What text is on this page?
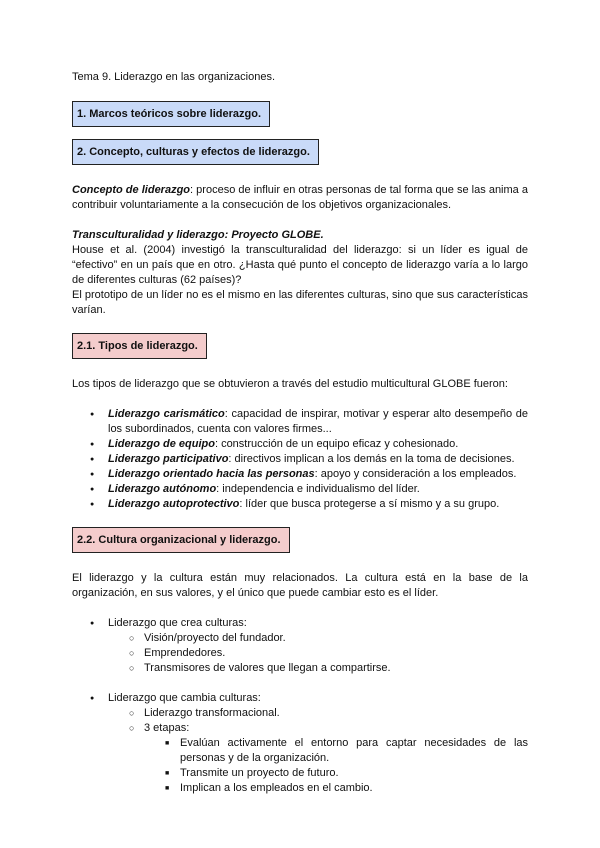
Tema 9. Liderazgo en las organizaciones.
1. Marcos teóricos sobre liderazgo.
2. Concepto, culturas y efectos de liderazgo.

Concepto de liderazgo: proceso de influir en otras personas de tal forma que se las anima a contribuir voluntariamente a la consecución de los objetivos organizacionales.

Transculturalidad y liderazgo: Proyecto GLOBE.

House et al. (2004) investigó la transculturalidad del liderazgo: si un líder es igual de “efectivo” en un país que en otro. ¿Hasta qué punto el concepto de liderazgo varía a lo largo de diferentes culturas (62 países)?

El prototipo de un líder no es el mismo en las diferentes culturas, sino que sus características varían.

2.1. Tipos de liderazgo.

Los tipos de liderazgo que se obtuvieron a través del estudio multicultural GLOBE fueron:

● Liderazgo carismático: capacidad de inspirar, motivar y esperar alto desempeño de los subordinados, cuenta con valores firmes...
● Liderazgo de equipo: construcción de un equipo eficaz y cohesionado.
● Liderazgo participativo: directivos implican a los demás en la toma de decisiones.
● Liderazgo orientado hacia las personas: apoyo y consideración a los empleados.
● Liderazgo autónomo: independencia e individualismo del líder.
● Liderazgo autoprotectivo: líder que busca protegerse a sí mismo y a su grupo.
2.2. Cultura organizacional y liderazgo.

El liderazgo y la cultura están muy relacionados. La cultura está en la base de la organización, en sus valores, y el único que puede cambiar esto es el líder.

● Liderazgo que crea culturas:
○ Visión/proyecto del fundador.
○ Emprendedores.
○ Transmisores de valores que llegan a compartirse.
● Liderazgo que cambia culturas:
○ Liderazgo transformacional.
○ 3 etapas:
■ Evalúan activamente el entorno para captar necesidades de las personas y de la organización.
■ Transmite un proyecto de futuro.
■ Implican a los empleados en el cambio.
